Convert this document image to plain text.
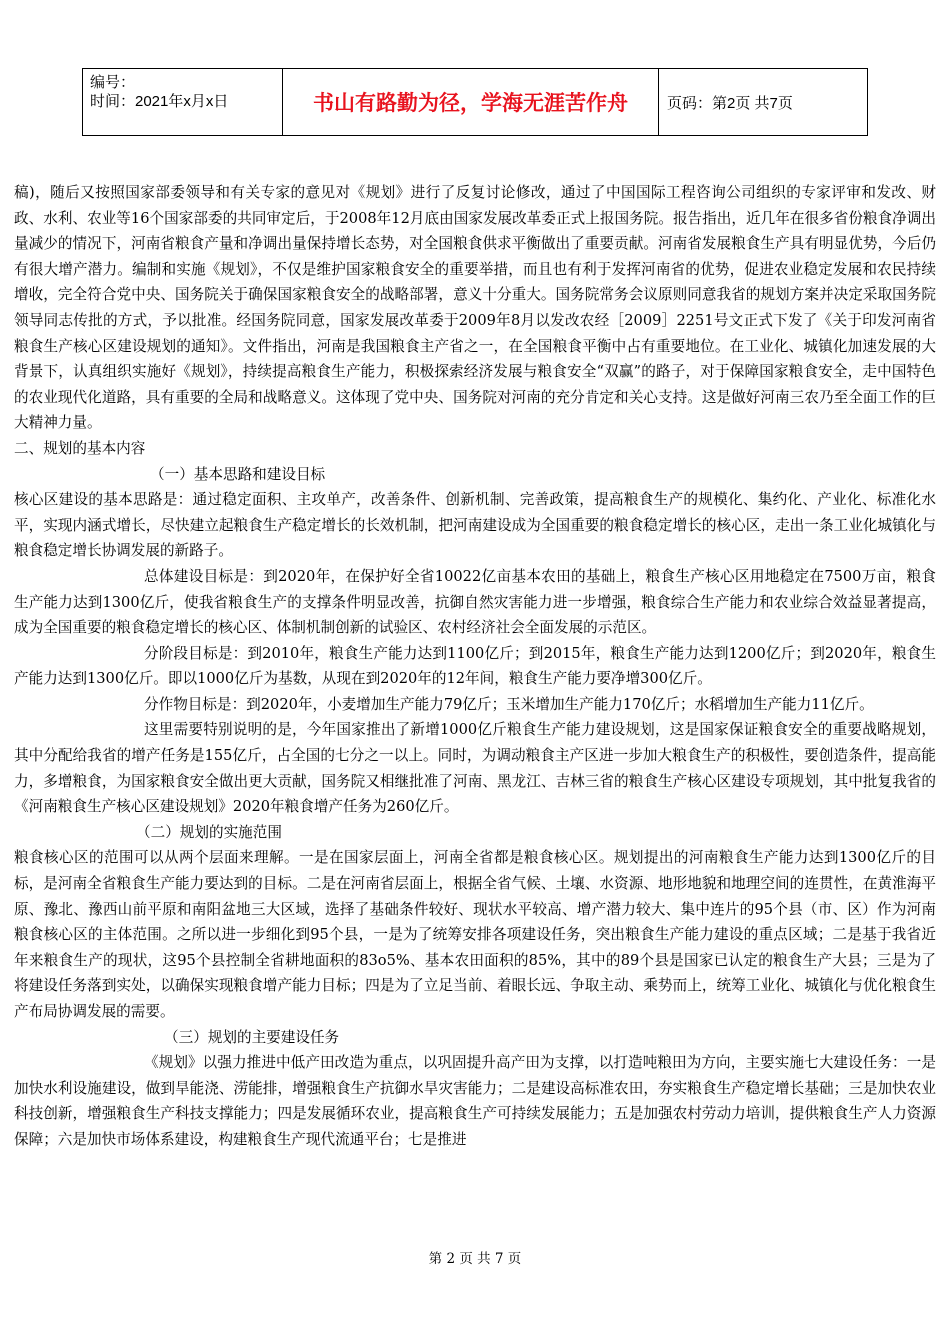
编号：
时间：2021年x月x日	书山有路勤为径，学海无涯苦作舟	页码：第2页 共7页

稿)，随后又按照国家部委领导和有关专家的意见对《规划》进行了反复讨论修改，通过了中国国际工程咨询公司组织的专家评审和发改、财政、水利、农业等16个国家部委的共同审定后，于2008年12月底由国家发展改革委正式上报国务院。报告指出，近几年在很多省份粮食净调出量减少的情况下，河南省粮食产量和净调出量保持增长态势，对全国粮食供求平衡做出了重要贡献。河南省发展粮食生产具有明显优势，今后仍有很大增产潜力。编制和实施《规划》，不仅是维护国家粮食安全的重要举措，而且也有利于发挥河南省的优势，促进农业稳定发展和农民持续增收，完全符合党中央、国务院关于确保国家粮食安全的战略部署，意义十分重大。国务院常务会议原则同意我省的规划方案并决定采取国务院领导同志传批的方式，予以批准。经国务院同意，国家发展改革委于2009年8月以发改农经［2009］2251号文正式下发了《关于印发河南省粮食生产核心区建设规划的通知》。文件指出，河南是我国粮食主产省之一，在全国粮食平衡中占有重要地位。在工业化、城镇化加速发展的大背景下，认真组织实施好《规划》，持续提高粮食生产能力，积极探索经济发展与粮食安全“双赢”的路子，对于保障国家粮食安全，走中国特色的农业现代化道路，具有重要的全局和战略意义。这体现了党中央、国务院对河南的充分肯定和关心支持。这是做好河南三农乃至全面工作的巨大精神力量。

二、规划的基本内容

（一）基本思路和建设目标

核心区建设的基本思路是：通过稳定面积、主攻单产，改善条件、创新机制、完善政策，提高粮食生产的规模化、集约化、产业化、标准化水平，实现内涵式增长，尽快建立起粮食生产稳定增长的长效机制，把河南建设成为全国重要的粮食稳定增长的核心区，走出一条工业化城镇化与粮食稳定增长协调发展的新路子。

总体建设目标是：到2020年，在保护好全省10022亿亩基本农田的基础上，粮食生产核心区用地稳定在7500万亩，粮食生产能力达到1300亿斤，使我省粮食生产的支撑条件明显改善，抗御自然灾害能力进一步增强，粮食综合生产能力和农业综合效益显著提高，成为全国重要的粮食稳定增长的核心区、体制机制创新的试验区、农村经济社会全面发展的示范区。

分阶段目标是：到2010年，粮食生产能力达到1100亿斤；到2015年，粮食生产能力达到1200亿斤；到2020年，粮食生产能力达到1300亿斤。即以1000亿斤为基数，从现在到2020年的12年间，粮食生产能力要净增300亿斤。

分作物目标是：到2020年，小麦增加生产能力79亿斤；玉米增加生产能力170亿斤；水稻增加生产能力11亿斤。

这里需要特别说明的是，今年国家推出了新增1000亿斤粮食生产能力建设规划，这是国家保证粮食安全的重要战略规划，其中分配给我省的增产任务是155亿斤，占全国的七分之一以上。同时，为调动粮食主产区进一步加大粮食生产的积极性，要创造条件，提高能力，多增粮食，为国家粮食安全做出更大贡献，国务院又相继批准了河南、黑龙江、吉林三省的粮食生产核心区建设专项规划，其中批复我省的《河南粮食生产核心区建设规划》2020年粮食增产任务为260亿斤。

（二）规划的实施范围

粮食核心区的范围可以从两个层面来理解。一是在国家层面上，河南全省都是粮食核心区。规划提出的河南粮食生产能力达到1300亿斤的目标，是河南全省粮食生产能力要达到的目标。二是在河南省层面上，根据全省气候、土壤、水资源、地形地貌和地理空间的连贯性，在黄淮海平原、豫北、豫西山前平原和南阳盆地三大区域，选择了基础条件较好、现状水平较高、增产潜力较大、集中连片的95个县（市、区）作为河南粮食核心区的主体范围。之所以进一步细化到95个县，一是为了统筹安排各项建设任务，突出粮食生产能力建设的重点区域；二是基于我省近年来粮食生产的现状，这95个县控制全省耕地面积的83o5%、基本农田面积的85%，其中的89个县是国家已认定的粮食生产大县；三是为了将建设任务落到实处，以确保实现粮食增产能力目标；四是为了立足当前、着眼长远、争取主动、乘势而上，统筹工业化、城镇化与优化粮食生产布局协调发展的需要。

（三）规划的主要建设任务

《规划》以强力推进中低产田改造为重点，以巩固提升高产田为支撑，以打造吨粮田为方向，主要实施七大建设任务：一是加快水利设施建设，做到旱能浇、涝能排，增强粮食生产抗御水旱灾害能力；二是建设高标准农田，夯实粮食生产稳定增长基础；三是加快农业科技创新，增强粮食生产科技支撑能力；四是发展循环农业，提高粮食生产可持续发展能力；五是加强农村劳动力培训，提供粮食生产人力资源保障；六是加快市场体系建设，构建粮食生产现代流通平台；七是推进

第 2 页 共 7 页
